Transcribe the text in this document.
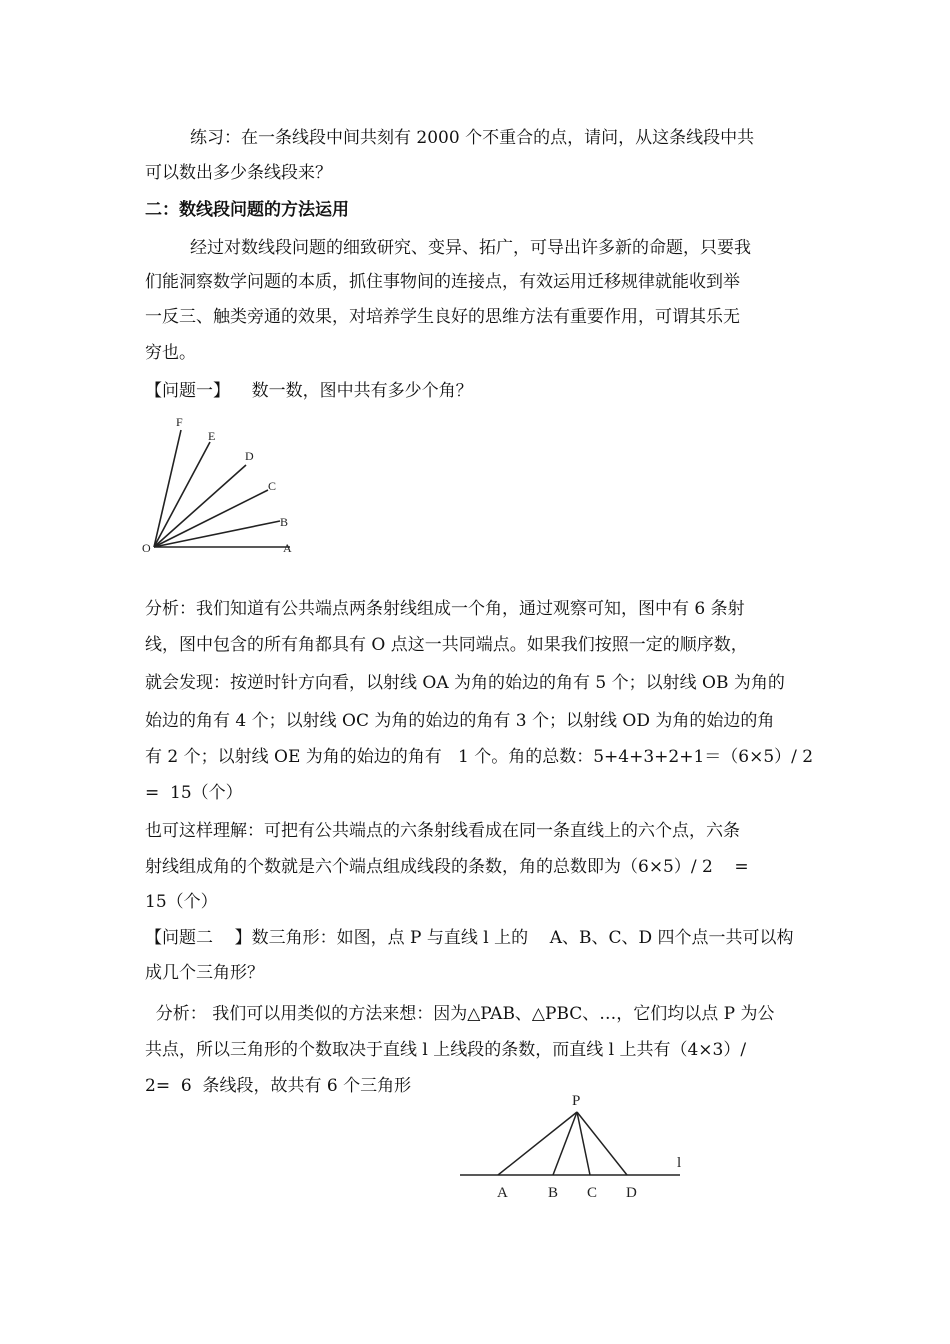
练习：在一条线段中间共刻有 2000 个不重合的点，请问，从这条线段中共
可以数出多少条线段来？
二：数线段问题的方法运用
经过对数线段问题的细致研究、变异、拓广，可导出许多新的命题，只要我
们能洞察数学问题的本质，抓住事物间的连接点，有效运用迁移规律就能收到举
一反三、触类旁通的效果，对培养学生良好的思维方法有重要作用，可谓其乐无
穷也。
【问题一】    数一数，图中共有多少个角？
O	A
B
C
D
E
F
分析：我们知道有公共端点两条射线组成一个角，通过观察可知，图中有 6 条射
线，图中包含的所有角都具有 O 点这一共同端点。如果我们按照一定的顺序数，
就会发现：按逆时针方向看，以射线 OA 为角的始边的角有 5 个；以射线 OB 为角的
始边的角有 4 个；以射线 OC 为角的始边的角有 3 个；以射线 OD 为角的始边的角
有 2 个；以射线 OE 为角的始边的角有   1 个。角的总数：5+4+3+2+1＝（6×5）/ 2
=  15（个）
也可这样理解：可把有公共端点的六条射线看成在同一条直线上的六个点，六条
射线组成角的个数就是六个端点组成线段的条数，角的总数即为（6×5）/ 2    =
15（个）
【问题二    】数三角形：如图，点 P 与直线 l 上的    A、B、C、D 四个点一共可以构
成几个三角形？
分析： 我们可以用类似的方法来想：因为△PAB、△PBC、…，它们均以点 P 为公
共点，所以三角形的个数取决于直线 l 上线段的条数，而直线 l 上共有（4×3）/
2=  6  条线段，故共有 6 个三角形
P
l
A	B C D
